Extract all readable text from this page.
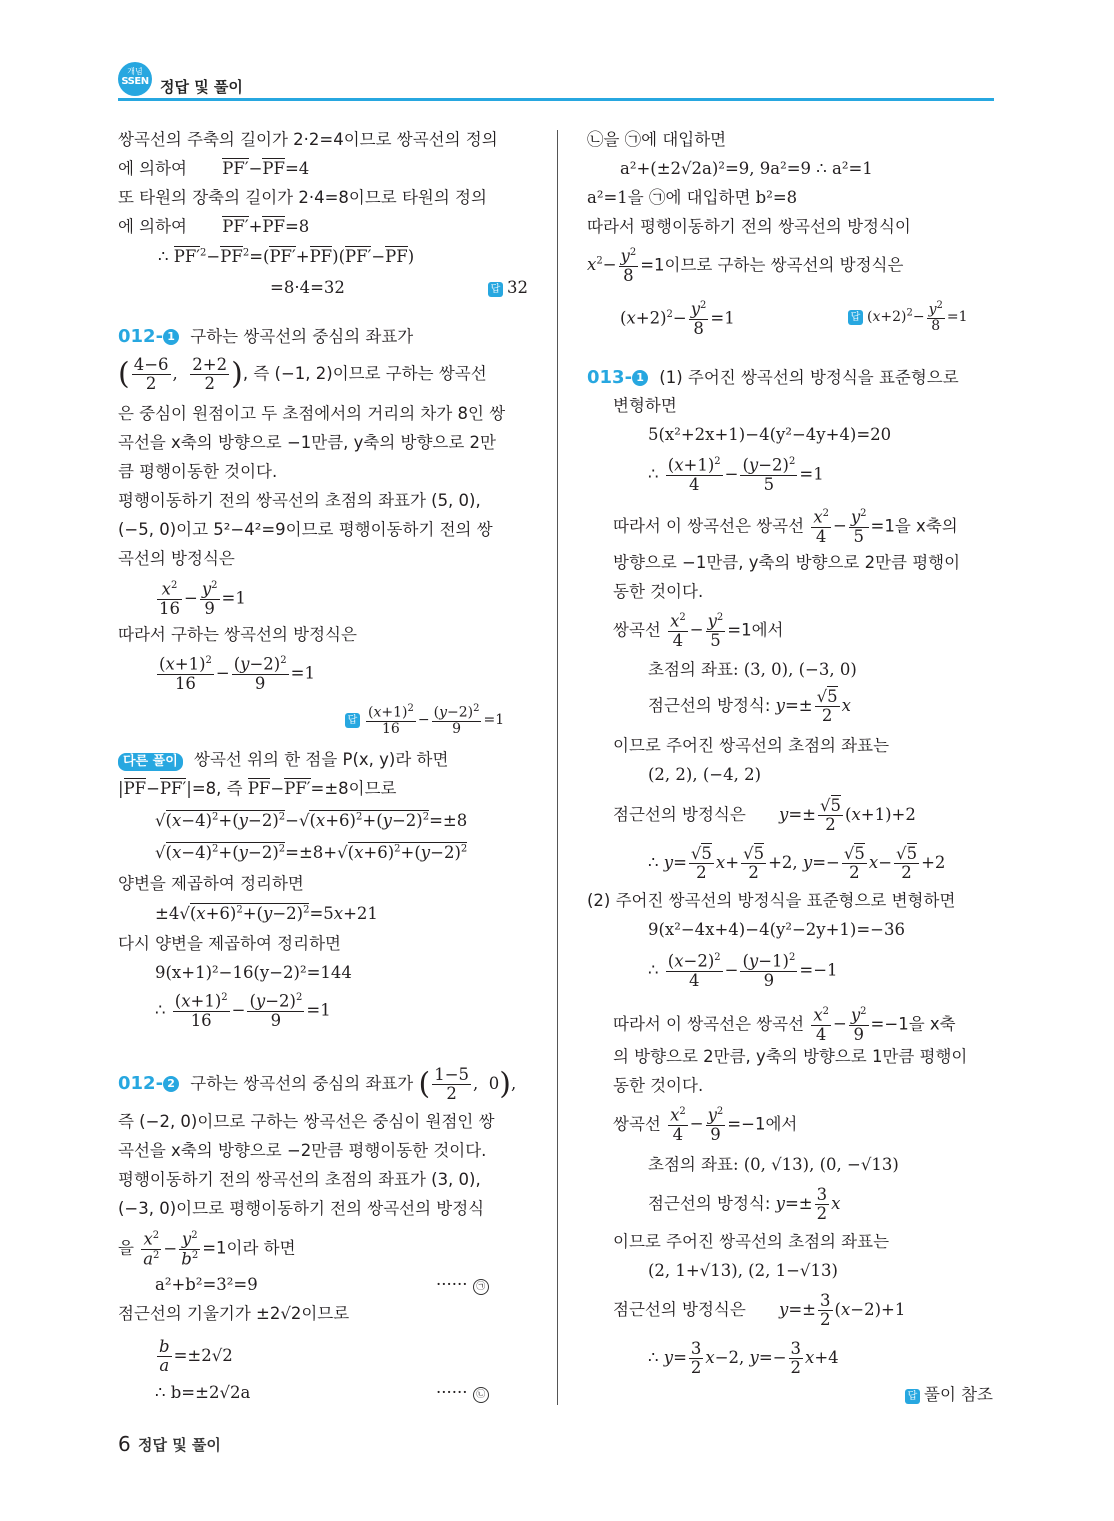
개념
SSEN 정답 및 풀이
쌍곡선의 주축의 길이가 2·2=4이므로 쌍곡선의 정의
에 의하여 PF′−PF=4
또 타원의 장축의 길이가 2·4=8이므로 타원의 정의
에 의하여 PF′+PF=8
∴ $PF'^2-PF^2=(PF'+PF)(PF'-PF)$
=8·4=32	답 32
012- 1 구하는 쌍곡선의 중심의 좌표가
( $\frac{4-6}{2}$ , $\frac{2+2}{2}$ ), 즉 (−1, 2)이므로 구하는 쌍곡선
은 중심이 원점이고 두 초점에서의 거리의 차가 8인 쌍
곡선을 x축의 방향으로 −1만큼, y축의 방향으로 2만
큼 평행이동한 것이다.
평행이동하기 전의 쌍곡선의 초점의 좌표가 (5, 0),
(−5, 0)이고 5²−4²=9이므로 평행이동하기 전의 쌍
곡선의 방정식은
$\frac{x^2}{16} - \frac{y^2}{9} =1$
따라서 구하는 쌍곡선의 방정식은
$\frac{(x+1)^2}{16} - \frac{(y-2)^2}{9} =1$
답 $\frac{(x+1)^2}{16} - \frac{(y-2)^2}{9} =1$
다른 풀이 쌍곡선 위의 한 점을 P(x, y)라 하면
|PF−PF′|=8, 즉 PF−PF′=±8이므로
$√(x-4)^2+(y-2)^2-√(x+6)^2+(y-2)^2=\pm 8$
$√(x-4)^2+(y-2)^2=\pm 8+√(x+6)^2+(y-2)^2$
양변을 제곱하여 정리하면
$\pm 4√(x+6)^2+(y-2)^2=5x+21$
다시 양변을 제곱하여 정리하면
9(x+1)²−16(y−2)²=144
∴ $\frac{(x+1)^2}{16} - \frac{(y-2)^2}{9} =1$
012- 2 구하는 쌍곡선의 중심의 좌표가 ( $\frac{1-5}{2}$ ,  0),
즉 (−2, 0)이므로 구하는 쌍곡선은 중심이 원점인 쌍
곡선을 x축의 방향으로 −2만큼 평행이동한 것이다.
평행이동하기 전의 쌍곡선의 초점의 좌표가 (3, 0),
(−3, 0)이므로 평행이동하기 전의 쌍곡선의 방정식
을 $\frac{x^2}{a^2} - \frac{y^2}{b^2} =1$이라 하면
a²+b²=3²=9	······ ㉠
점근선의 기울기가 ±2√2이므로
$\frac{b}{a} =\pm 2√2$
∴ b=±2√2a	······ ㉡
㉡을 ㉠에 대입하면
a²+(±2√2a)²=9, 9a²=9 ∴ a²=1
a²=1을 ㉠에 대입하면 b²=8
따라서 평행이동하기 전의 쌍곡선의 방정식이
$x^2- \frac{y^2}{8} =1$이므로 구하는 쌍곡선의 방정식은
$(x+2)^2- \frac{y^2}{8} =1$	답 $(x+2)^2- \frac{y^2}{8} =1$
013- 1 (1) 주어진 쌍곡선의 방정식을 표준형으로
변형하면
5(x²+2x+1)−4(y²−4y+4)=20
∴ $\frac{(x+1)^2}{4} - \frac{(y-2)^2}{5} =1$
따라서 이 쌍곡선은 쌍곡선 $\frac{x^2}{4} - \frac{y^2}{5} =1$을 x축의
방향으로 −1만큼, y축의 방향으로 2만큼 평행이
동한 것이다.
쌍곡선 $\frac{x^2}{4} - \frac{y^2}{5} =1$에서
초점의 좌표: (3, 0), (−3, 0)
점근선의 방정식: $y=\pm \frac{√5}{2}$ x
이므로 주어진 쌍곡선의 초점의 좌표는
(2, 2), (−4, 2)
점근선의 방정식은 $y=\pm \frac{√5}{2} (x+1)+2$
∴ $y= \frac{√5}{2} x+ \frac{√5}{2} +2$, $y=- \frac{√5}{2} x- \frac{√5}{2} +2$
(2) 주어진 쌍곡선의 방정식을 표준형으로 변형하면
9(x²−4x+4)−4(y²−2y+1)=−36
∴ $\frac{(x-2)^2}{4} - \frac{(y-1)^2}{9} =-1$
따라서 이 쌍곡선은 쌍곡선 $\frac{x^2}{4} - \frac{y^2}{9} =-1$을 x축
의 방향으로 2만큼, y축의 방향으로 1만큼 평행이
동한 것이다.
쌍곡선 $\frac{x^2}{4} - \frac{y^2}{9} =-1$에서
초점의 좌표: (0, √13), (0, −√13)
점근선의 방정식: $y=\pm \frac{3}{2}$ x
이므로 주어진 쌍곡선의 초점의 좌표는
(2, 1+√13), (2, 1−√13)
점근선의 방정식은 $y=\pm \frac{3}{2} (x-2)+1$
∴ $y= \frac{3}{2} x-2$, $y=- \frac{3}{2} x+4$
답 풀이 참조
6 정답 및 풀이
